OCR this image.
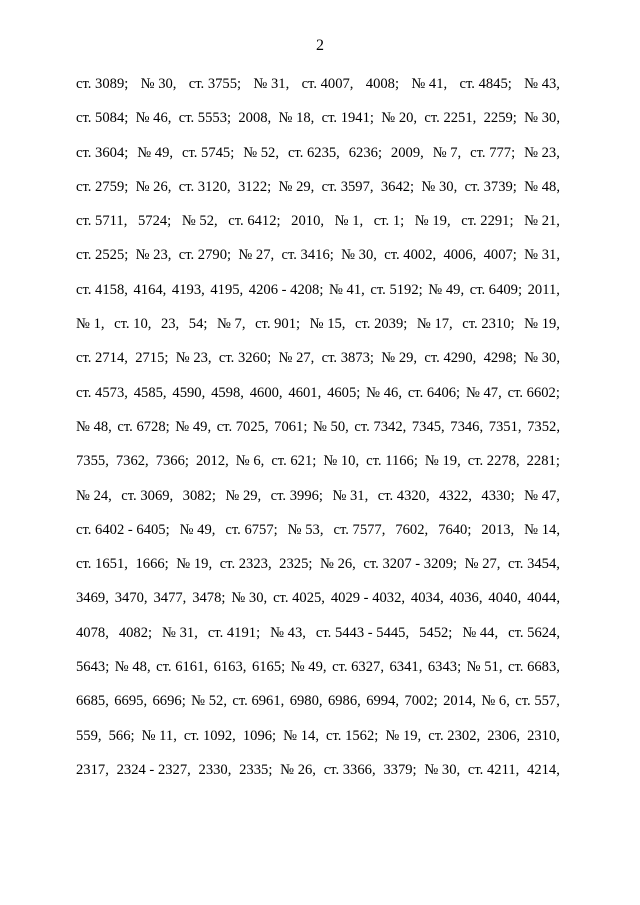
2
ст. 3089; № 30, ст. 3755; № 31, ст. 4007, 4008; № 41, ст. 4845; № 43,
ст. 5084; № 46, ст. 5553; 2008, № 18, ст. 1941; № 20, ст. 2251, 2259; № 30,
ст. 3604; № 49, ст. 5745; № 52, ст. 6235, 6236; 2009, № 7, ст. 777; № 23,
ст. 2759; № 26, ст. 3120, 3122; № 29, ст. 3597, 3642; № 30, ст. 3739; № 48,
ст. 5711, 5724; № 52, ст. 6412; 2010, № 1, ст. 1; № 19, ст. 2291; № 21,
ст. 2525; № 23, ст. 2790; № 27, ст. 3416; № 30, ст. 4002, 4006, 4007; № 31,
ст. 4158, 4164, 4193, 4195, 4206 - 4208; № 41, ст. 5192; № 49, ст. 6409; 2011,
№ 1, ст. 10, 23, 54; № 7, ст. 901; № 15, ст. 2039; № 17, ст. 2310; № 19,
ст. 2714, 2715; № 23, ст. 3260; № 27, ст. 3873; № 29, ст. 4290, 4298; № 30,
ст. 4573, 4585, 4590, 4598, 4600, 4601, 4605; № 46, ст. 6406; № 47, ст. 6602;
№ 48, ст. 6728; № 49, ст. 7025, 7061; № 50, ст. 7342, 7345, 7346, 7351, 7352,
7355, 7362, 7366; 2012, № 6, ст. 621; № 10, ст. 1166; № 19, ст. 2278, 2281;
№ 24, ст. 3069, 3082; № 29, ст. 3996; № 31, ст. 4320, 4322, 4330; № 47,
ст. 6402 - 6405; № 49, ст. 6757; № 53, ст. 7577, 7602, 7640; 2013, № 14,
ст. 1651, 1666; № 19, ст. 2323, 2325; № 26, ст. 3207 - 3209; № 27, ст. 3454,
3469, 3470, 3477, 3478; № 30, ст. 4025, 4029 - 4032, 4034, 4036, 4040, 4044,
4078, 4082; № 31, ст. 4191; № 43, ст. 5443 - 5445, 5452; № 44, ст. 5624,
5643; № 48, ст. 6161, 6163, 6165; № 49, ст. 6327, 6341, 6343; № 51, ст. 6683,
6685, 6695, 6696; № 52, ст. 6961, 6980, 6986, 6994, 7002; 2014, № 6, ст. 557,
559, 566; № 11, ст. 1092, 1096; № 14, ст. 1562; № 19, ст. 2302, 2306, 2310,
2317, 2324 - 2327, 2330, 2335; № 26, ст. 3366, 3379; № 30, ст. 4211, 4214,
